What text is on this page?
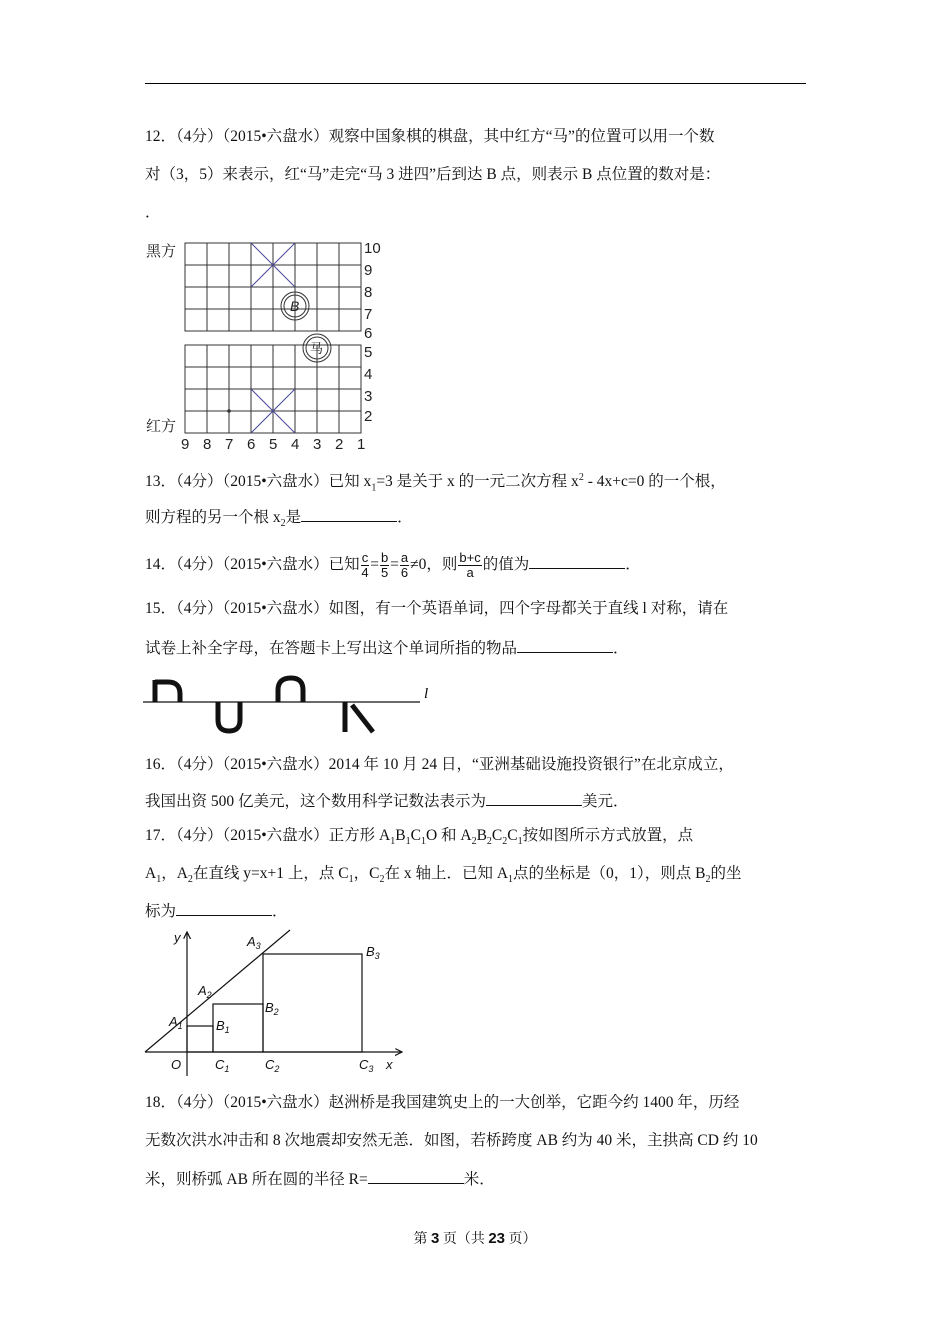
12．（4分）（2015•六盘水）观察中国象棋的棋盘，其中红方“马”的位置可以用一个数
对（3，5）来表示，红“马”走完“马 3 进四”后到达 B 点，则表示 B 点位置的数对是：
．
黑方
红方
10
9
8
7
6
5
4
3
2
9 8 7 6 5 4 3 2 1
B
马
13．（4分）（2015•六盘水）已知 $x_1=3$ 是关于 x 的一元二次方程 $x^2$ ‑ 4x+c=0 的一个根，
则方程的另一个根 $x_2$是	．
14．（4分）（2015•六盘水）已知 $\frac{c}{4} = \frac{b}{5} = \frac{a}{6} \ne 0$，则 $\frac{b+c}{a}$ 的值为	．
15．（4分）（2015•六盘水）如图，有一个英语单词，四个字母都关于直线 l 对称，请在
试卷上补全字母，在答题卡上写出这个单词所指的物品	．
l
16．（4分）（2015•六盘水）2014 年 10 月 24 日，“亚洲基础设施投资银行”在北京成立，
我国出资 500 亿美元，这个数用科学记数法表示为	美元．
17．（4分）（2015•六盘水）正方形 $A_1B_1C_1O$ 和 $A_2B_2C_2C_1$按如图所示方式放置，点
$A_1$，$A_2$在直线 y=x+1 上，点 $C_1$，$C_2$在 x 轴上．已知 $A_1$点的坐标是（0，1），则点 $B_2$的坐
标为	．
y
x
O
$A_1$	$B_1$
$C_1$
$A_2$
$B_2$
$C_2$
$A_3$	$B_3$
$C_3$
18．（4分）（2015•六盘水）赵洲桥是我国建筑史上的一大创举，它距今约 1400 年，历经
无数次洪水冲击和 8 次地震却安然无恙．如图，若桥跨度 AB 约为 40 米，主拱高 CD 约 10
米，则桥弧 AB 所在圆的半径 R=	米．
第 3 页（共 23 页）
